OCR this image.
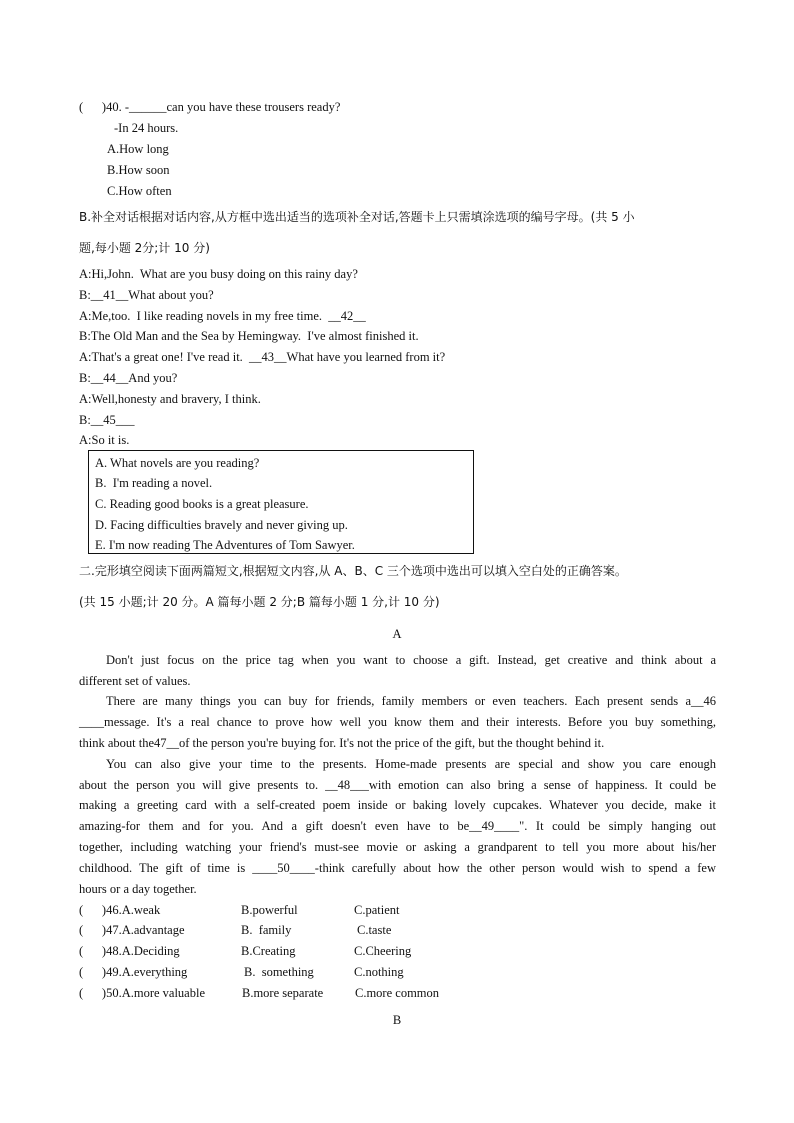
(      )40. -______can you have these trousers ready?
-In 24 hours.
A.How long
B.How soon
C.How often
B.补全对话根据对话内容,从方框中选出适当的选项补全对话,答题卡上只需填涂选项的编号字母。(共 5 小
题,每小题 2分;计 10 分)
A:Hi,John.  What are you busy doing on this rainy day?
B:__41__What about you?
A:Me,too.  I like reading novels in my free time.  __42__
B:The Old Man and the Sea by Hemingway.  I've almost finished it.
A:That's a great one! I've read it.  __43__What have you learned from it?
B:__44__And you?
A:Well,honesty and bravery, I think.
B:__45___
A:So it is.
A. What novels are you reading?
B.  I'm reading a novel.
C. Reading good books is a great pleasure.
D. Facing difficulties bravely and never giving up.
E. I'm now reading The Adventures of Tom Sawyer.
二.完形填空阅读下面两篇短文,根据短文内容,从 A、B、C 三个选项中选出可以填入空白处的正确答案。
(共 15 小题;计 20 分。A 篇每小题 2 分;B 篇每小题 1 分,计 10 分)
A
Don't just focus on the price tag when you want to choose a gift. Instead, get creative and think about a
different set of values.
There are many things you can buy for friends, family members or even teachers. Each present sends a__46
____message. It's a real chance to prove how well you know them and their interests. Before you buy something,
think about the47__of the person you're buying for. It's not the price of the gift, but the thought behind it.
You can also give your time to the presents. Home-made presents are special and show you care enough
about the person you will give presents to. __48___with emotion can also bring a sense of happiness. It could be
making a greeting card with a self-created poem inside or baking lovely cupcakes. Whatever you decide, make it
amazing-for them and for you. And a gift doesn't even have to be__49____". It could be simply hanging out
together, including watching your friend's must-see movie or asking a grandparent to tell you more about his/her
childhood. The gift of time is ____50____-think carefully about how the other person would wish to spend a few
hours or a day together.
(      )46.A.weak	B.powerful	C.patient
(      )47.A.advantage	B.  family	C.taste
(      )48.A.Deciding	B.Creating	C.Cheering
(      )49.A.everything	B.  something	C.nothing
(      )50.A.more valuable	B.more separate	C.more common
B
